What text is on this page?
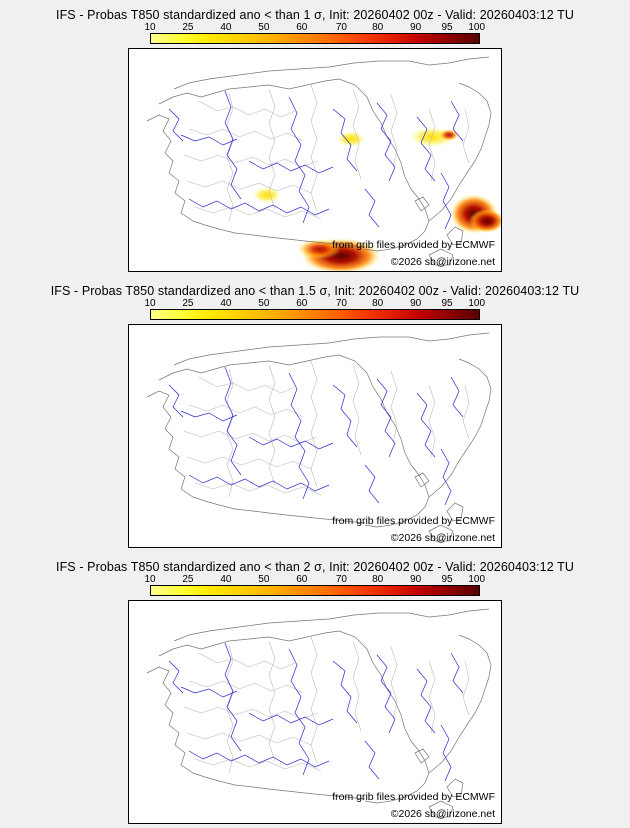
IFS - Probas T850 standardized ano < than 1 σ, Init: 20260402 00z - Valid: 20260403:12 TU
10	25	40	50	60	70	80	90 95 100
from grib files provided by ECMWF
©2026 sb@irizone.net
IFS - Probas T850 standardized ano < than 1.5 σ, Init: 20260402 00z - Valid: 20260403:12 TU
10	25	40	50	60	70	80	90 95 100
from grib files provided by ECMWF
©2026 sb@irizone.net
IFS - Probas T850 standardized ano < than 2 σ, Init: 20260402 00z - Valid: 20260403:12 TU
10	25	40	50	60	70	80	90 95 100
from grib files provided by ECMWF
©2026 sb@irizone.net
